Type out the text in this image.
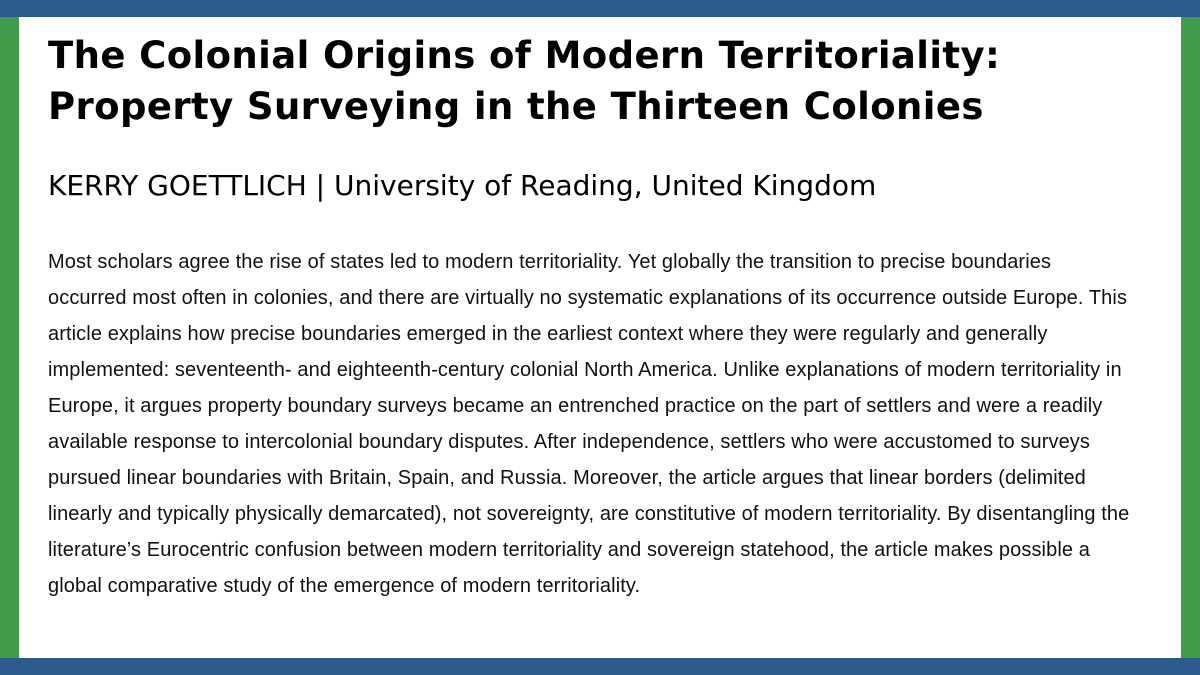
The Colonial Origins of Modern Territoriality: Property Surveying in the Thirteen Colonies

KERRY GOETTLICH | University of Reading, United Kingdom

Most scholars agree the rise of states led to modern territoriality. Yet globally the transition to precise boundaries occurred most often in colonies, and there are virtually no systematic explanations of its occurrence outside Europe. This article explains how precise boundaries emerged in the earliest context where they were regularly and generally implemented: seventeenth- and eighteenth-century colonial North America. Unlike explanations of modern territoriality in Europe, it argues property boundary surveys became an entrenched practice on the part of settlers and were a readily available response to intercolonial boundary disputes. After independence, settlers who were accustomed to surveys pursued linear boundaries with Britain, Spain, and Russia. Moreover, the article argues that linear borders (delimited linearly and typically physically demarcated), not sovereignty, are constitutive of modern territoriality. By disentangling the literature’s Eurocentric confusion between modern territoriality and sovereign statehood, the article makes possible a global comparative study of the emergence of modern territoriality.
